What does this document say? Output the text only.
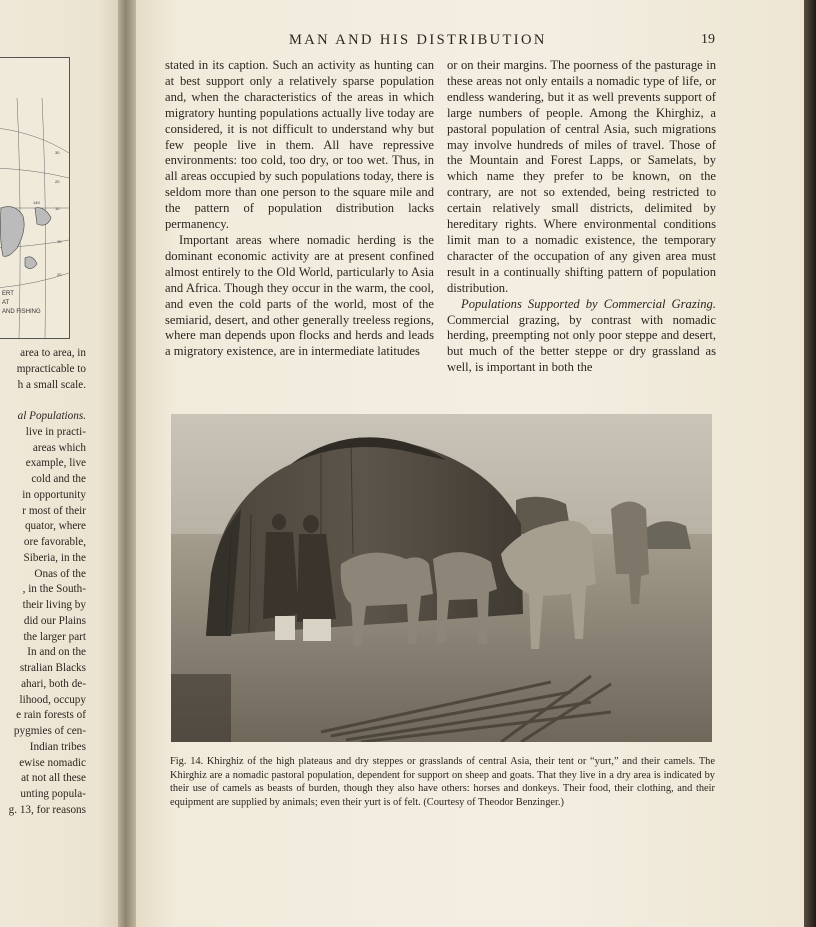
30
20
10
10
20
140
ERT
AT
AND FISHING
area to area, in
mpracticable to
h a small scale.
al Populations.
live in practi-
areas which
example, live
cold and the
in opportunity
r most of their
quator, where
ore favorable,
Siberia, in the
Onas of the
, in the South-
their living by
did our Plains
the larger part
In and on the
stralian Blacks
ahari, both de-
lihood, occupy
e rain forests of
pygmies of cen-
Indian tribes
ewise nomadic
at not all these
unting popula-
g. 13, for reasons
MAN AND HIS DISTRIBUTION	19

stated in its caption. Such an activity as hunting can at best support only a relatively sparse population and, when the characteristics of the areas in which migratory hunting populations actually live today are considered, it is not difficult to understand why but few people live in them. All have repressive environments: too cold, too dry, or too wet. Thus, in all areas occupied by such populations today, there is seldom more than one person to the square mile and the pattern of population distribution lacks permanency.

Important areas where nomadic herding is the dominant economic activity are at present confined almost entirely to the Old World, particularly to Asia and Africa. Though they occur in the warm, the cool, and even the cold parts of the world, most of the semiarid, desert, and other generally treeless regions, where man depends upon flocks and herds and leads a migratory existence, are in intermediate latitudes

or on their margins. The poorness of the pasturage in these areas not only entails a nomadic type of life, or endless wandering, but it as well prevents support of large numbers of people. Among the Khirghiz, a pastoral population of central Asia, such migrations may involve hundreds of miles of travel. Those of the Mountain and Forest Lapps, or Samelats, by which name they prefer to be known, on the contrary, are not so extended, being restricted to certain relatively small districts, delimited by hereditary rights. Where environmental conditions limit man to a nomadic existence, the temporary character of the occupation of any given area must result in a continually shifting pattern of population distribution.

Populations Supported by Commercial Grazing. Commercial grazing, by contrast with nomadic herding, preempting not only poor steppe and desert, but much of the better steppe or dry grassland as well, is important in both the

Fig. 14. Khirghiz of the high plateaus and dry steppes or grasslands of central Asia, their tent or “yurt,” and their camels. The Khirghiz are a nomadic pastoral population, dependent for support on sheep and goats. That they live in a dry area is indicated by their use of camels as beasts of burden, though they also have others: horses and donkeys. Their food, their clothing, and their equipment are supplied by animals; even their yurt is of felt. (Courtesy of Theodor Benzinger.)
